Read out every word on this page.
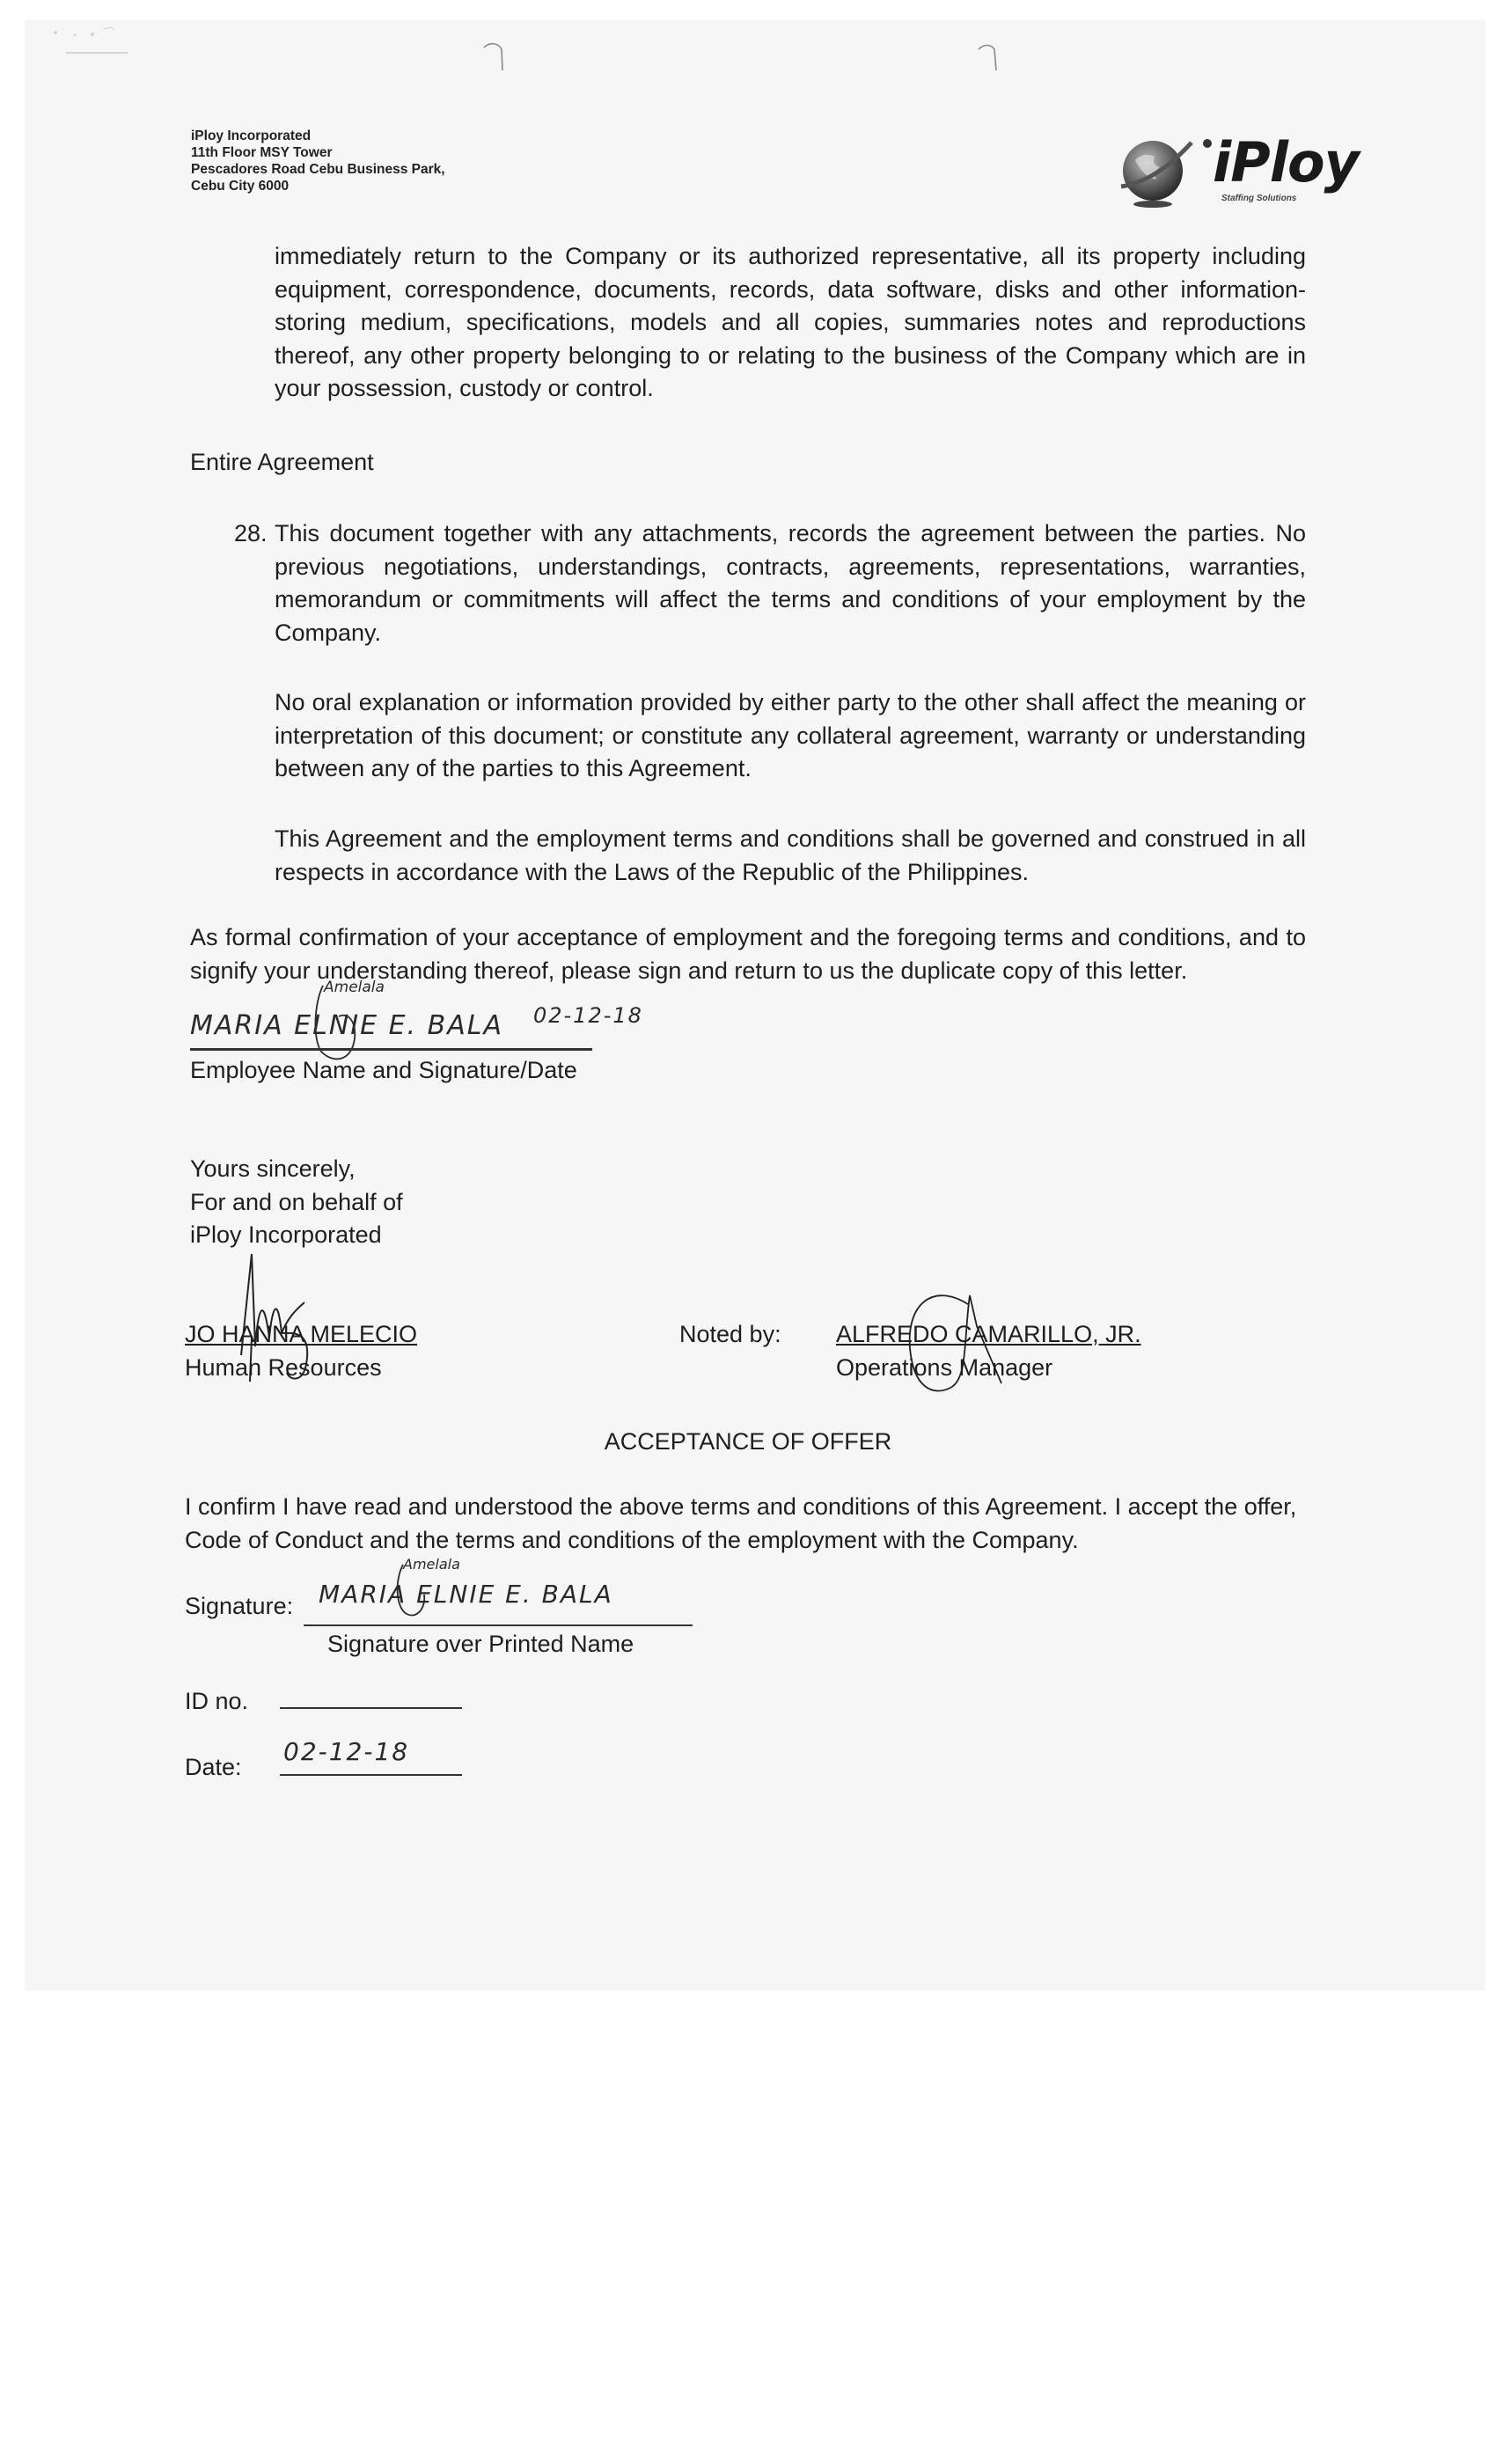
iPloy Incorporated
11th Floor MSY Tower
Pescadores Road Cebu Business Park,
Cebu City 6000	iPloy
Staffing Solutions
immediately return to the Company or its authorized representative, all its property including equipment, correspondence, documents, records, data software, disks and other information-storing medium, specifications, models and all copies, summaries notes and reproductions thereof, any other property belonging to or relating to the business of the Company which are in your possession, custody or control.
Entire Agreement
28. This document together with any attachments, records the agreement between the parties. No previous negotiations, understandings, contracts, agreements, representations, warranties, memorandum or commitments will affect the terms and conditions of your employment by the Company.
No oral explanation or information provided by either party to the other shall affect the meaning or interpretation of this document; or constitute any collateral agreement, warranty or understanding between any of the parties to this Agreement.
This Agreement and the employment terms and conditions shall be governed and construed in all respects in accordance with the Laws of the Republic of the Philippines.
As formal confirmation of your acceptance of employment and the foregoing terms and conditions, and to signify your understanding thereof, please sign and return to us the duplicate copy of this letter.
MARIA ELNIE E. BALA
Amelala
02-12-18
Employee Name and Signature/Date
Yours sincerely,
For and on behalf of
iPloy Incorporated
JO HANNA MELECIO
Human Resources
Noted by: ALFREDO CAMARILLO, JR.
Operations Manager
ACCEPTANCE OF OFFER
I confirm I have read and understood the above terms and conditions of this Agreement. I accept the offer, Code of Conduct and the terms and conditions of the employment with the Company.
Signature: MARIA ELNIE E. BALA
Amelala
Signature over Printed Name
ID no.
Date:
02-12-18
